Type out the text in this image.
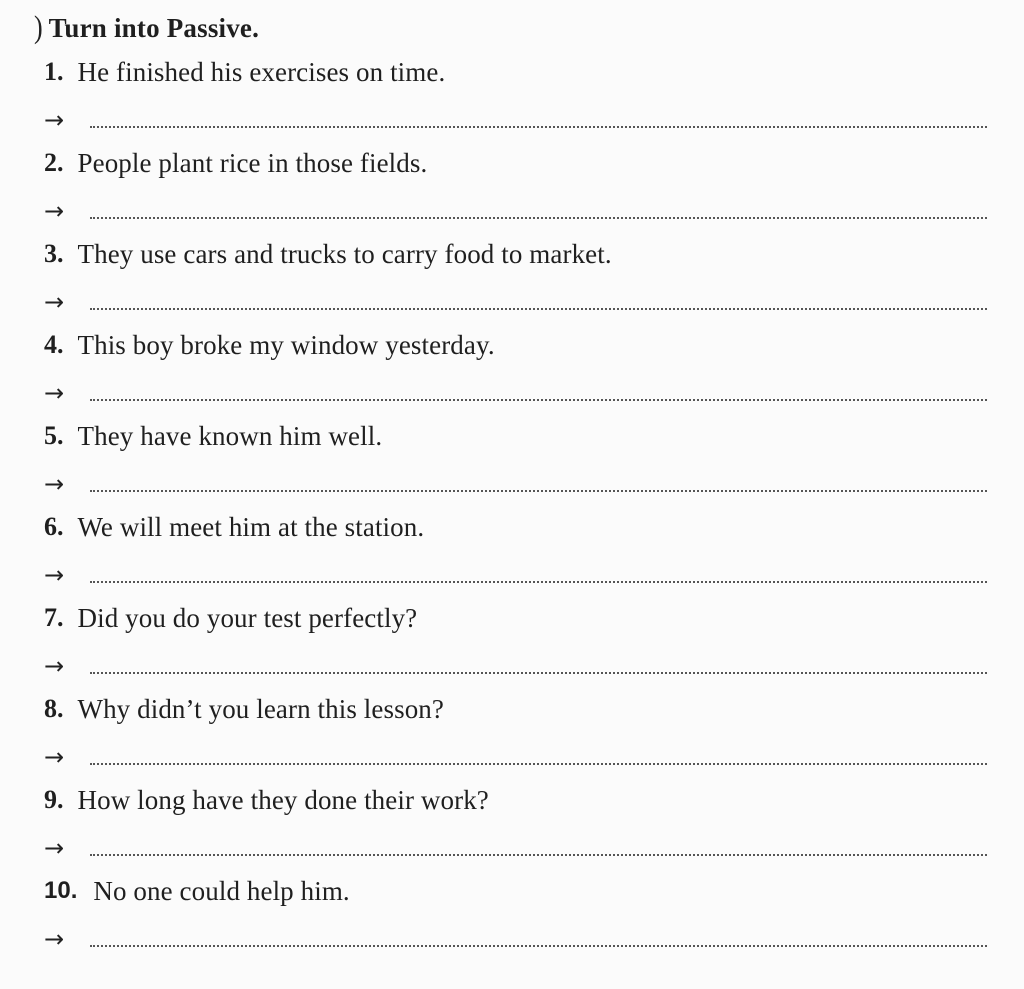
) Turn into Passive.
1. He finished his exercises on time.
→
2. People plant rice in those fields.
→
3. They use cars and trucks to carry food to market.
→
4. This boy broke my window yesterday.
→
5. They have known him well.
→
6. We will meet him at the station.
→
7. Did you do your test perfectly?
→
8. Why didn’t you learn this lesson?
→
9. How long have they done their work?
→
10. No one could help him.
→
